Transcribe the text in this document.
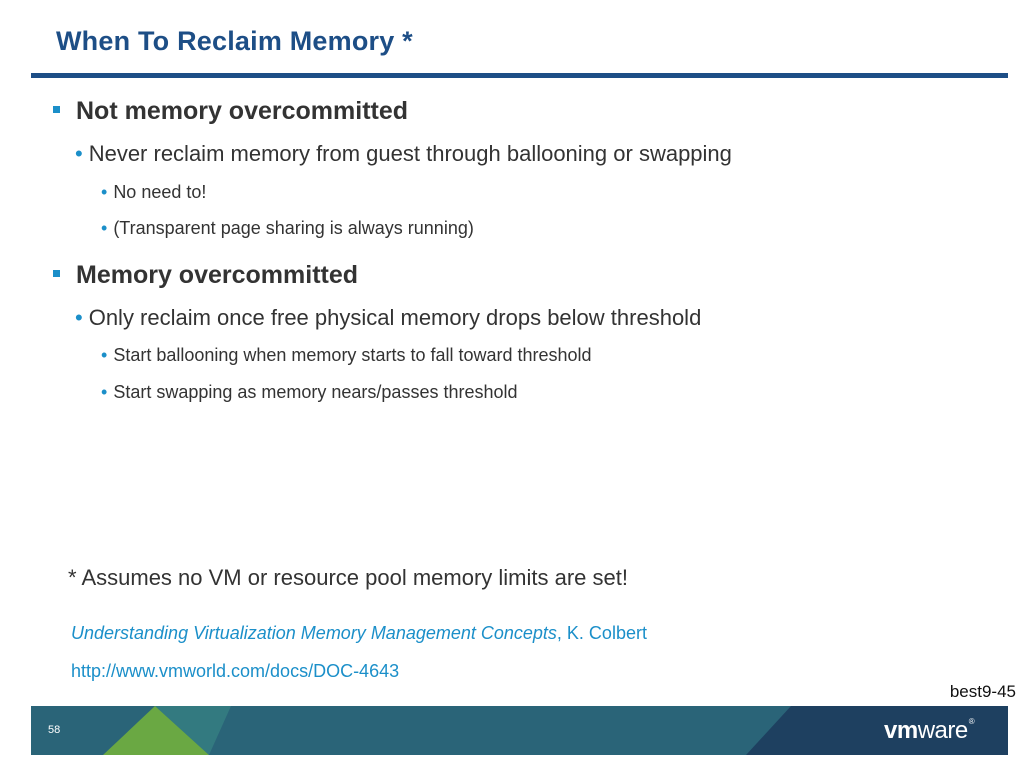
When To Reclaim Memory *
Not memory overcommitted
• Never reclaim memory from guest through ballooning or swapping
• No need to!
• (Transparent page sharing is always running)
Memory overcommitted
• Only reclaim once free physical memory drops below threshold
• Start ballooning when memory starts to fall toward threshold
• Start swapping as memory nears/passes threshold
* Assumes no VM or resource pool memory limits are set!
Understanding Virtualization Memory Management Concepts, K. Colbert
http://www.vmworld.com/docs/DOC-4643
best9-45
58	vmware®
